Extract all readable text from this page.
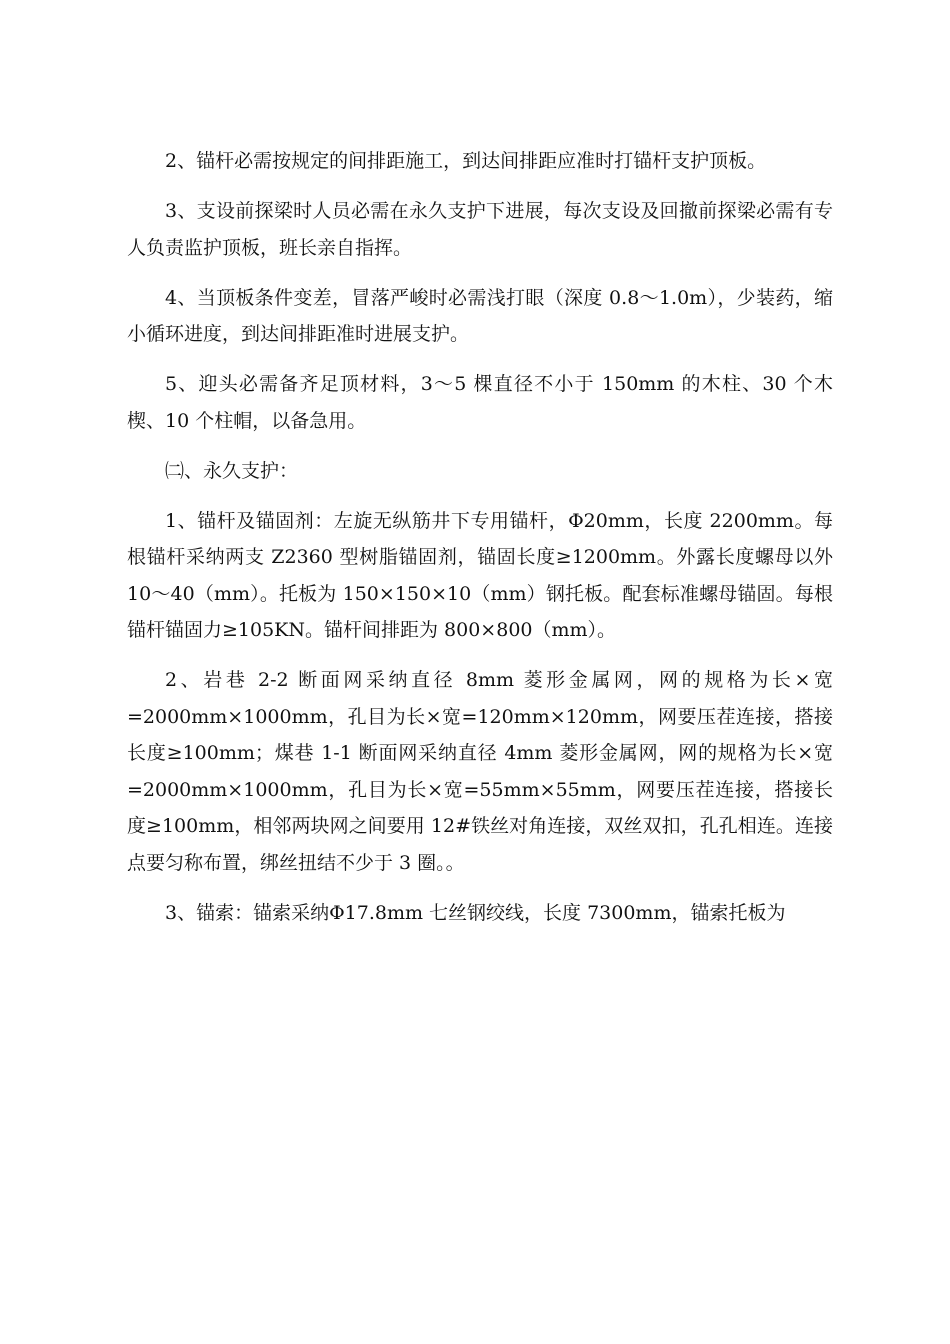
2、锚杆必需按规定的间排距施工，到达间排距应准时打锚杆支护顶板。

3、支设前探梁时人员必需在永久支护下进展，每次支设及回撤前探梁必需有专人负责监护顶板，班长亲自指挥。

4、当顶板条件变差，冒落严峻时必需浅打眼（深度 0.8～1.0m），少装药，缩小循环进度，到达间排距准时进展支护。

5、迎头必需备齐足顶材料，3～5 棵直径不小于 150mm 的木柱、30 个木楔、10 个柱帽，以备急用。

㈡、永久支护：

1、锚杆及锚固剂：左旋无纵筋井下专用锚杆，Φ20mm，长度 2200mm。每根锚杆采纳两支 Z2360 型树脂锚固剂，锚固长度≥1200mm。外露长度螺母以外 10～40（mm）。托板为 150×150×10（mm）钢托板。配套标准螺母锚固。每根锚杆锚固力≥105KN。锚杆间排距为 800×800（mm）。

2、岩巷 2-2 断面网采纳直径 8mm 菱形金属网，网的规格为长×宽=2000mm×1000mm，孔目为长×宽=120mm×120mm，网要压茬连接，搭接长度≥100mm；煤巷 1-1 断面网采纳直径 4mm 菱形金属网，网的规格为长×宽=2000mm×1000mm，孔目为长×宽=55mm×55mm，网要压茬连接，搭接长度≥100mm，相邻两块网之间要用 12#铁丝对角连接，双丝双扣，孔孔相连。连接点要匀称布置，绑丝扭结不少于 3 圈。。

3、锚索：锚索采纳Φ17.8mm 七丝钢绞线，长度 7300mm，锚索托板为
